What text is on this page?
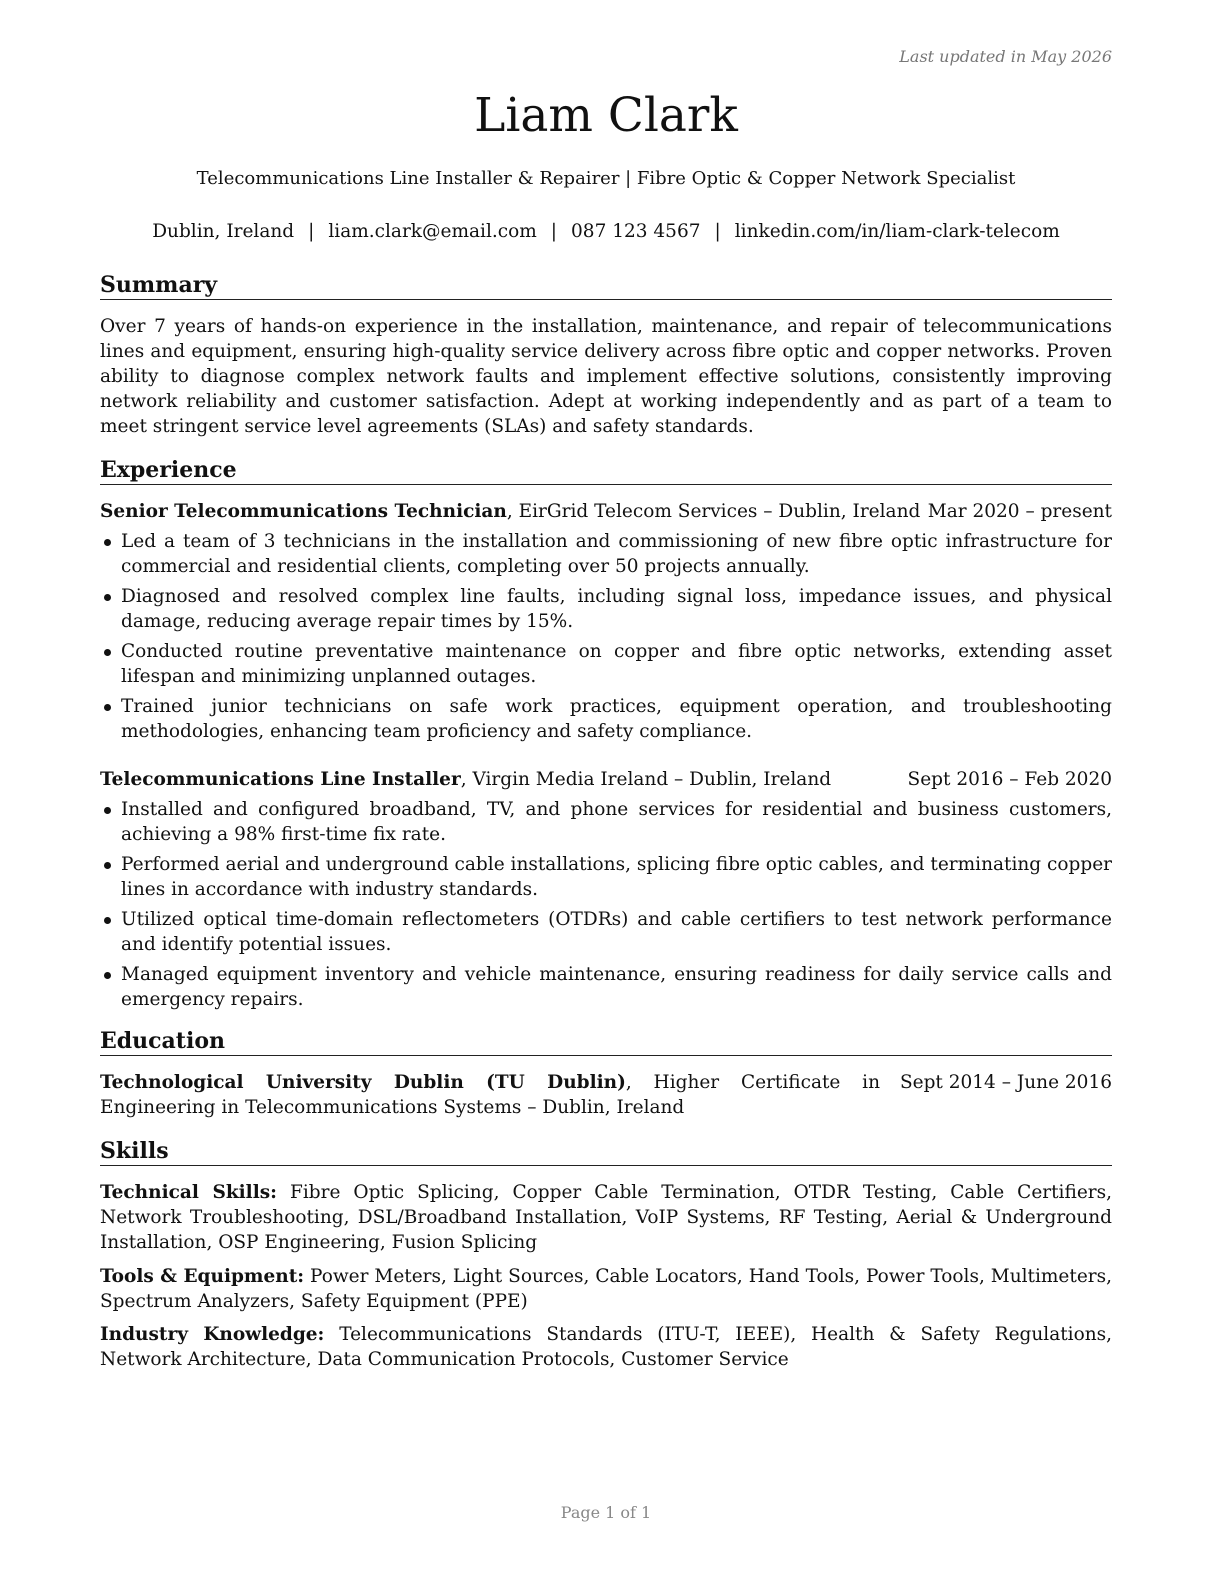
Last updated in May 2026
Liam Clark
Telecommunications Line Installer & Repairer | Fibre Optic & Copper Network Specialist
Dublin, Ireland | liam.clark@email.com | 087 123 4567 | linkedin.com/in/liam-clark-telecom
Summary
Over 7 years of hands-on experience in the installation, maintenance, and repair of telecommunications lines and equipment, ensuring high-quality service delivery across fibre optic and copper networks. Proven ability to diagnose complex network faults and implement effective solutions, consistently improving network reliability and customer satisfaction. Adept at working independently and as part of a team to meet stringent service level agreements (SLAs) and safety standards.
Experience
Senior Telecommunications Technician, EirGrid Telecom Services – Dublin, Ireland Mar 2020 – present
Led a team of 3 technicians in the installation and commissioning of new fibre optic infrastructure for commercial and residential clients, completing over 50 projects annually.
Diagnosed and resolved complex line faults, including signal loss, impedance issues, and physical damage, reducing average repair times by 15%.
Conducted routine preventative maintenance on copper and fibre optic networks, extending asset lifespan and minimizing unplanned outages.
Trained junior technicians on safe work practices, equipment operation, and troubleshooting methodologies, enhancing team proficiency and safety compliance.
Telecommunications Line Installer, Virgin Media Ireland – Dublin, Ireland	Sept 2016 – Feb 2020
Installed and configured broadband, TV, and phone services for residential and business customers, achieving a 98% first-time fix rate.
Performed aerial and underground cable installations, splicing fibre optic cables, and terminating copper lines in accordance with industry standards.
Utilized optical time-domain reflectometers (OTDRs) and cable certifiers to test network performance and identify potential issues.
Managed equipment inventory and vehicle maintenance, ensuring readiness for daily service calls and emergency repairs.
Education
Technological University Dublin (TU Dublin), Higher Certificate in Engineering in Telecommunications Systems – Dublin, Ireland
Sept 2014 – June 2016
Skills
Technical Skills: Fibre Optic Splicing, Copper Cable Termination, OTDR Testing, Cable Certifiers, Network Troubleshooting, DSL/Broadband Installation, VoIP Systems, RF Testing, Aerial & Underground Installation, OSP Engineering, Fusion Splicing
Tools & Equipment: Power Meters, Light Sources, Cable Locators, Hand Tools, Power Tools, Multimeters, Spectrum Analyzers, Safety Equipment (PPE)
Industry Knowledge: Telecommunications Standards (ITU-T, IEEE), Health & Safety Regulations, Network Architecture, Data Communication Protocols, Customer Service
Page 1 of 1
